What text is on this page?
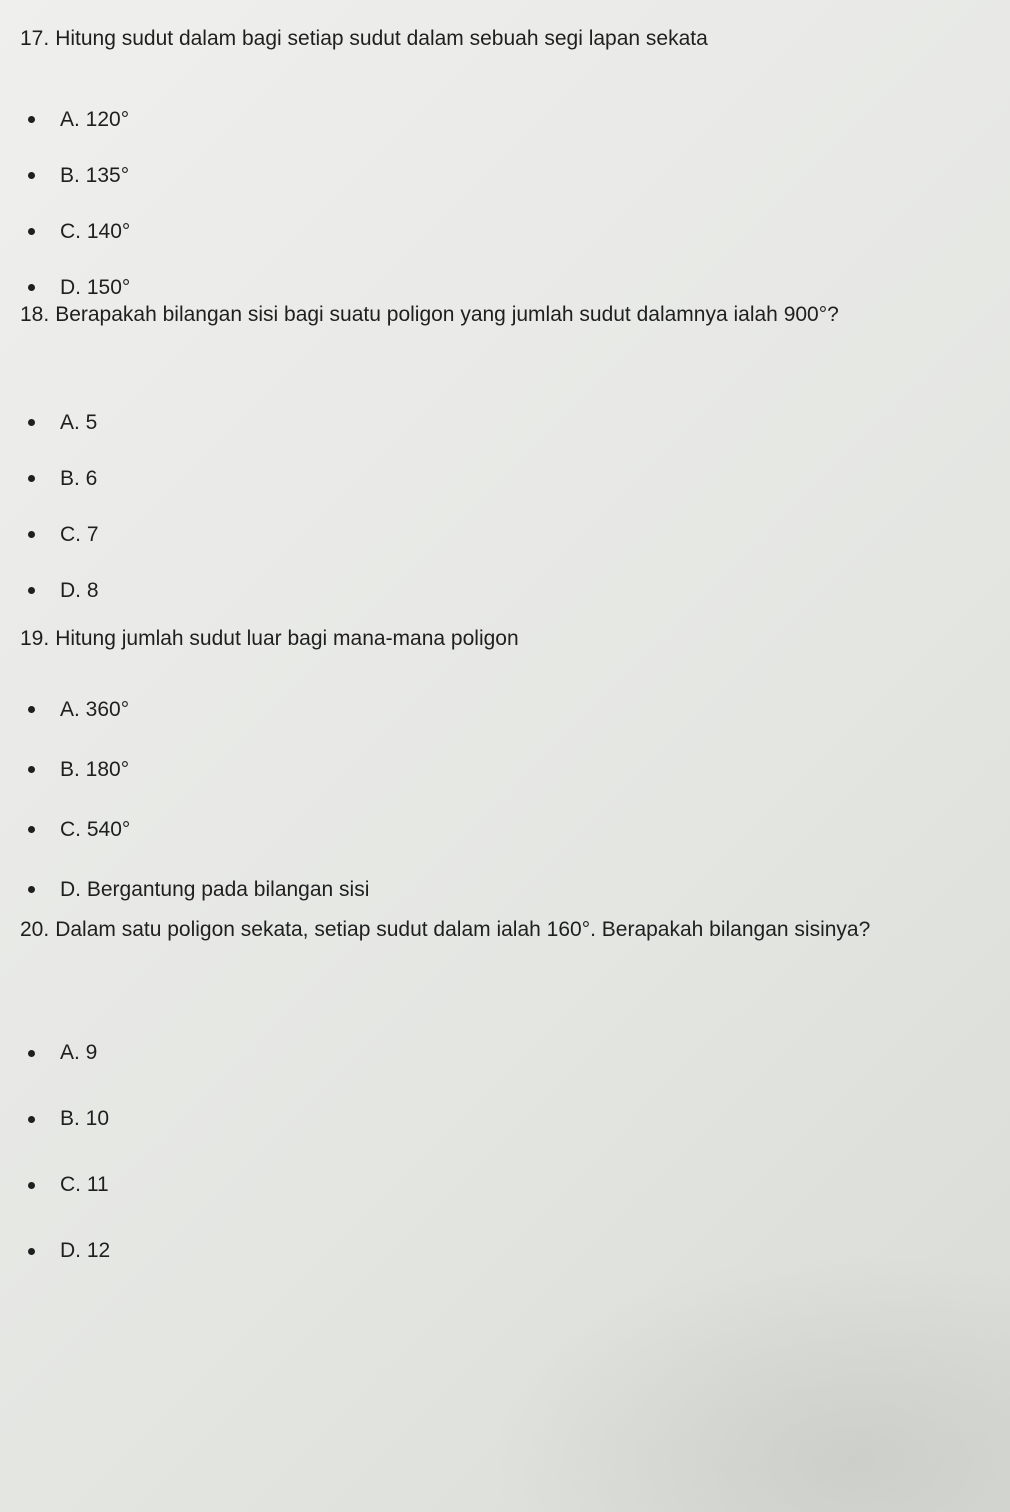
17. Hitung sudut dalam bagi setiap sudut dalam sebuah segi lapan sekata
A. 120°
B. 135°
C. 140°
D. 150°
18. Berapakah bilangan sisi bagi suatu poligon yang jumlah sudut dalamnya ialah 900°?
A. 5
B. 6
C. 7
D. 8
19. Hitung jumlah sudut luar bagi mana-mana poligon
A. 360°
B. 180°
C. 540°
D. Bergantung pada bilangan sisi
20. Dalam satu poligon sekata, setiap sudut dalam ialah 160°. Berapakah bilangan sisinya?
A. 9
B. 10
C. 11
D. 12
